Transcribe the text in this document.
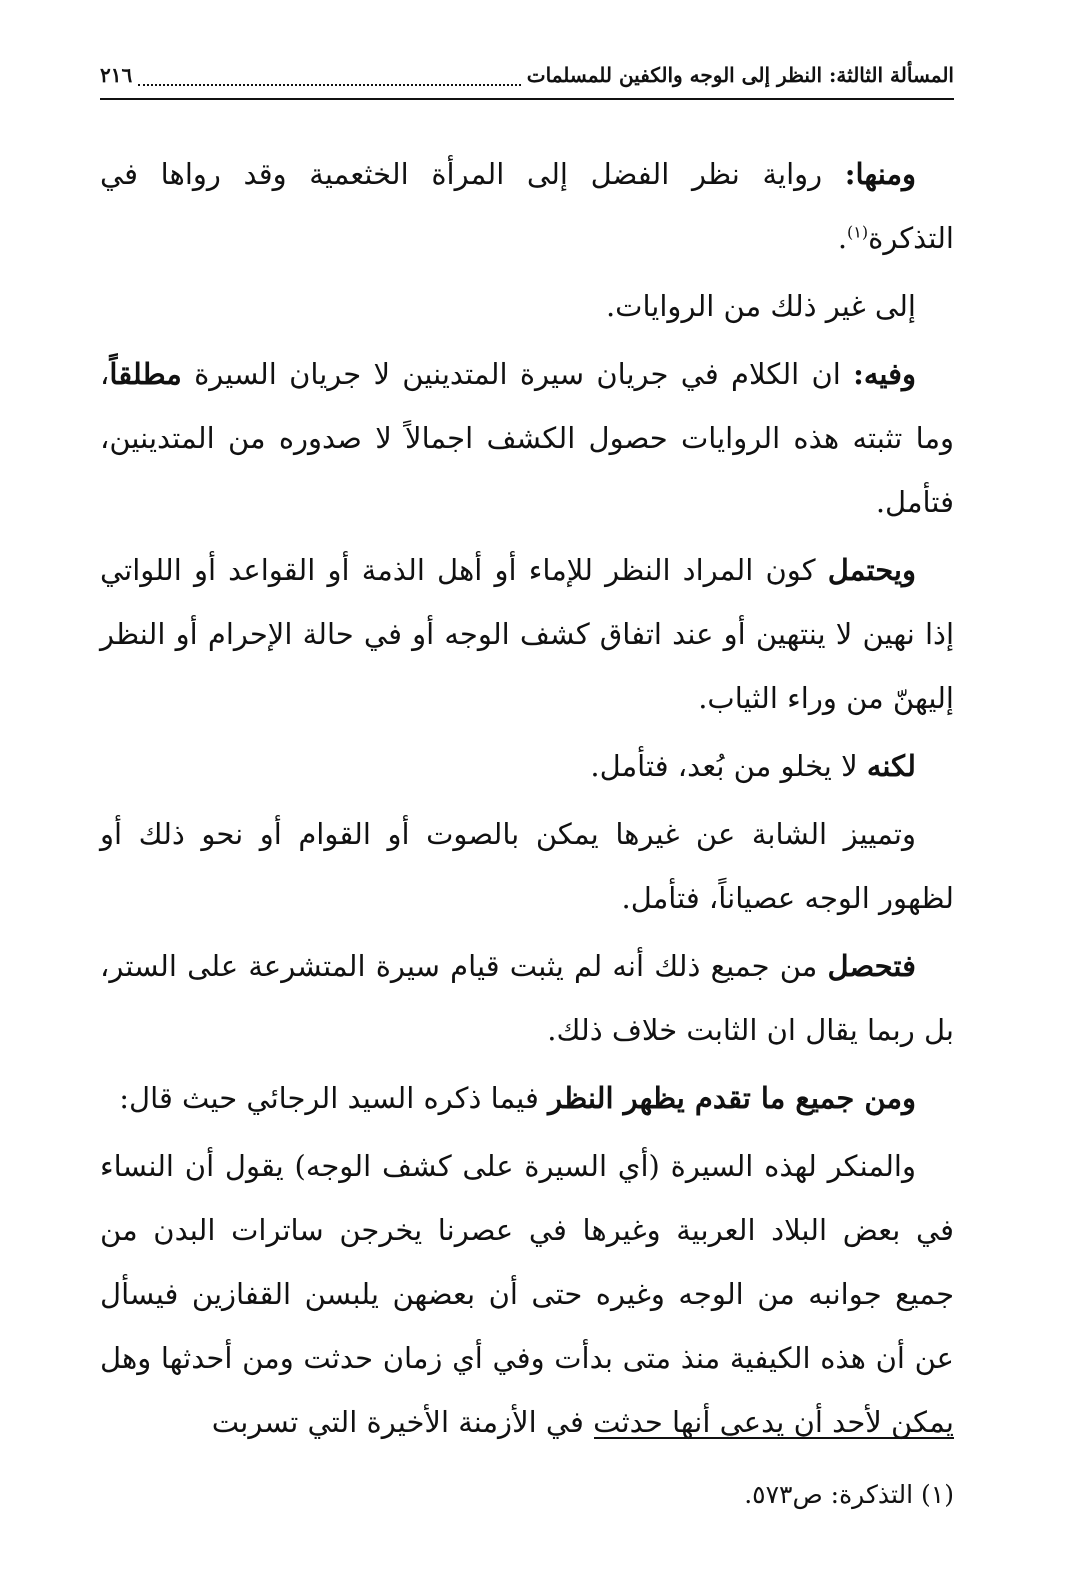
المسألة الثالثة: النظر إلى الوجه والكفين للمسلمات
٢١٦

ومنها: رواية نظر الفضل إلى المرأة الخثعمية وقد رواها في التذكرة$^{(١)}$.

إلى غير ذلك من الروايات.

وفيه: ان الكلام في جريان سيرة المتدينين لا جريان السيرة مطلقاً، وما تثبته هذه الروايات حصول الكشف اجمالاً لا صدوره من المتدينين، فتأمل.

ويحتمل كون المراد النظر للإماء أو أهل الذمة أو القواعد أو اللواتي إذا نهين لا ينتهين أو عند اتفاق كشف الوجه أو في حالة الإحرام أو النظر إليهنّ من وراء الثياب.

لكنه لا يخلو من بُعد، فتأمل.

وتمييز الشابة عن غيرها يمكن بالصوت أو القوام أو نحو ذلك أو لظهور الوجه عصياناً، فتأمل.

فتحصل من جميع ذلك أنه لم يثبت قيام سيرة المتشرعة على الستر، بل ربما يقال ان الثابت خلاف ذلك.

ومن جميع ما تقدم يظهر النظر فيما ذكره السيد الرجائي حيث قال:

والمنكر لهذه السيرة (أي السيرة على كشف الوجه) يقول أن النساء في بعض البلاد العربية وغيرها في عصرنا يخرجن ساترات البدن من جميع جوانبه من الوجه وغيره حتى أن بعضهن يلبسن القفازين فيسأل عن أن هذه الكيفية منذ متى بدأت وفي أي زمان حدثت ومن أحدثها وهل يمكن لأحد أن يدعي أنها حدثت في الأزمنة الأخيرة التي تسربت

(١) التذكرة: ص٥٧٣.
